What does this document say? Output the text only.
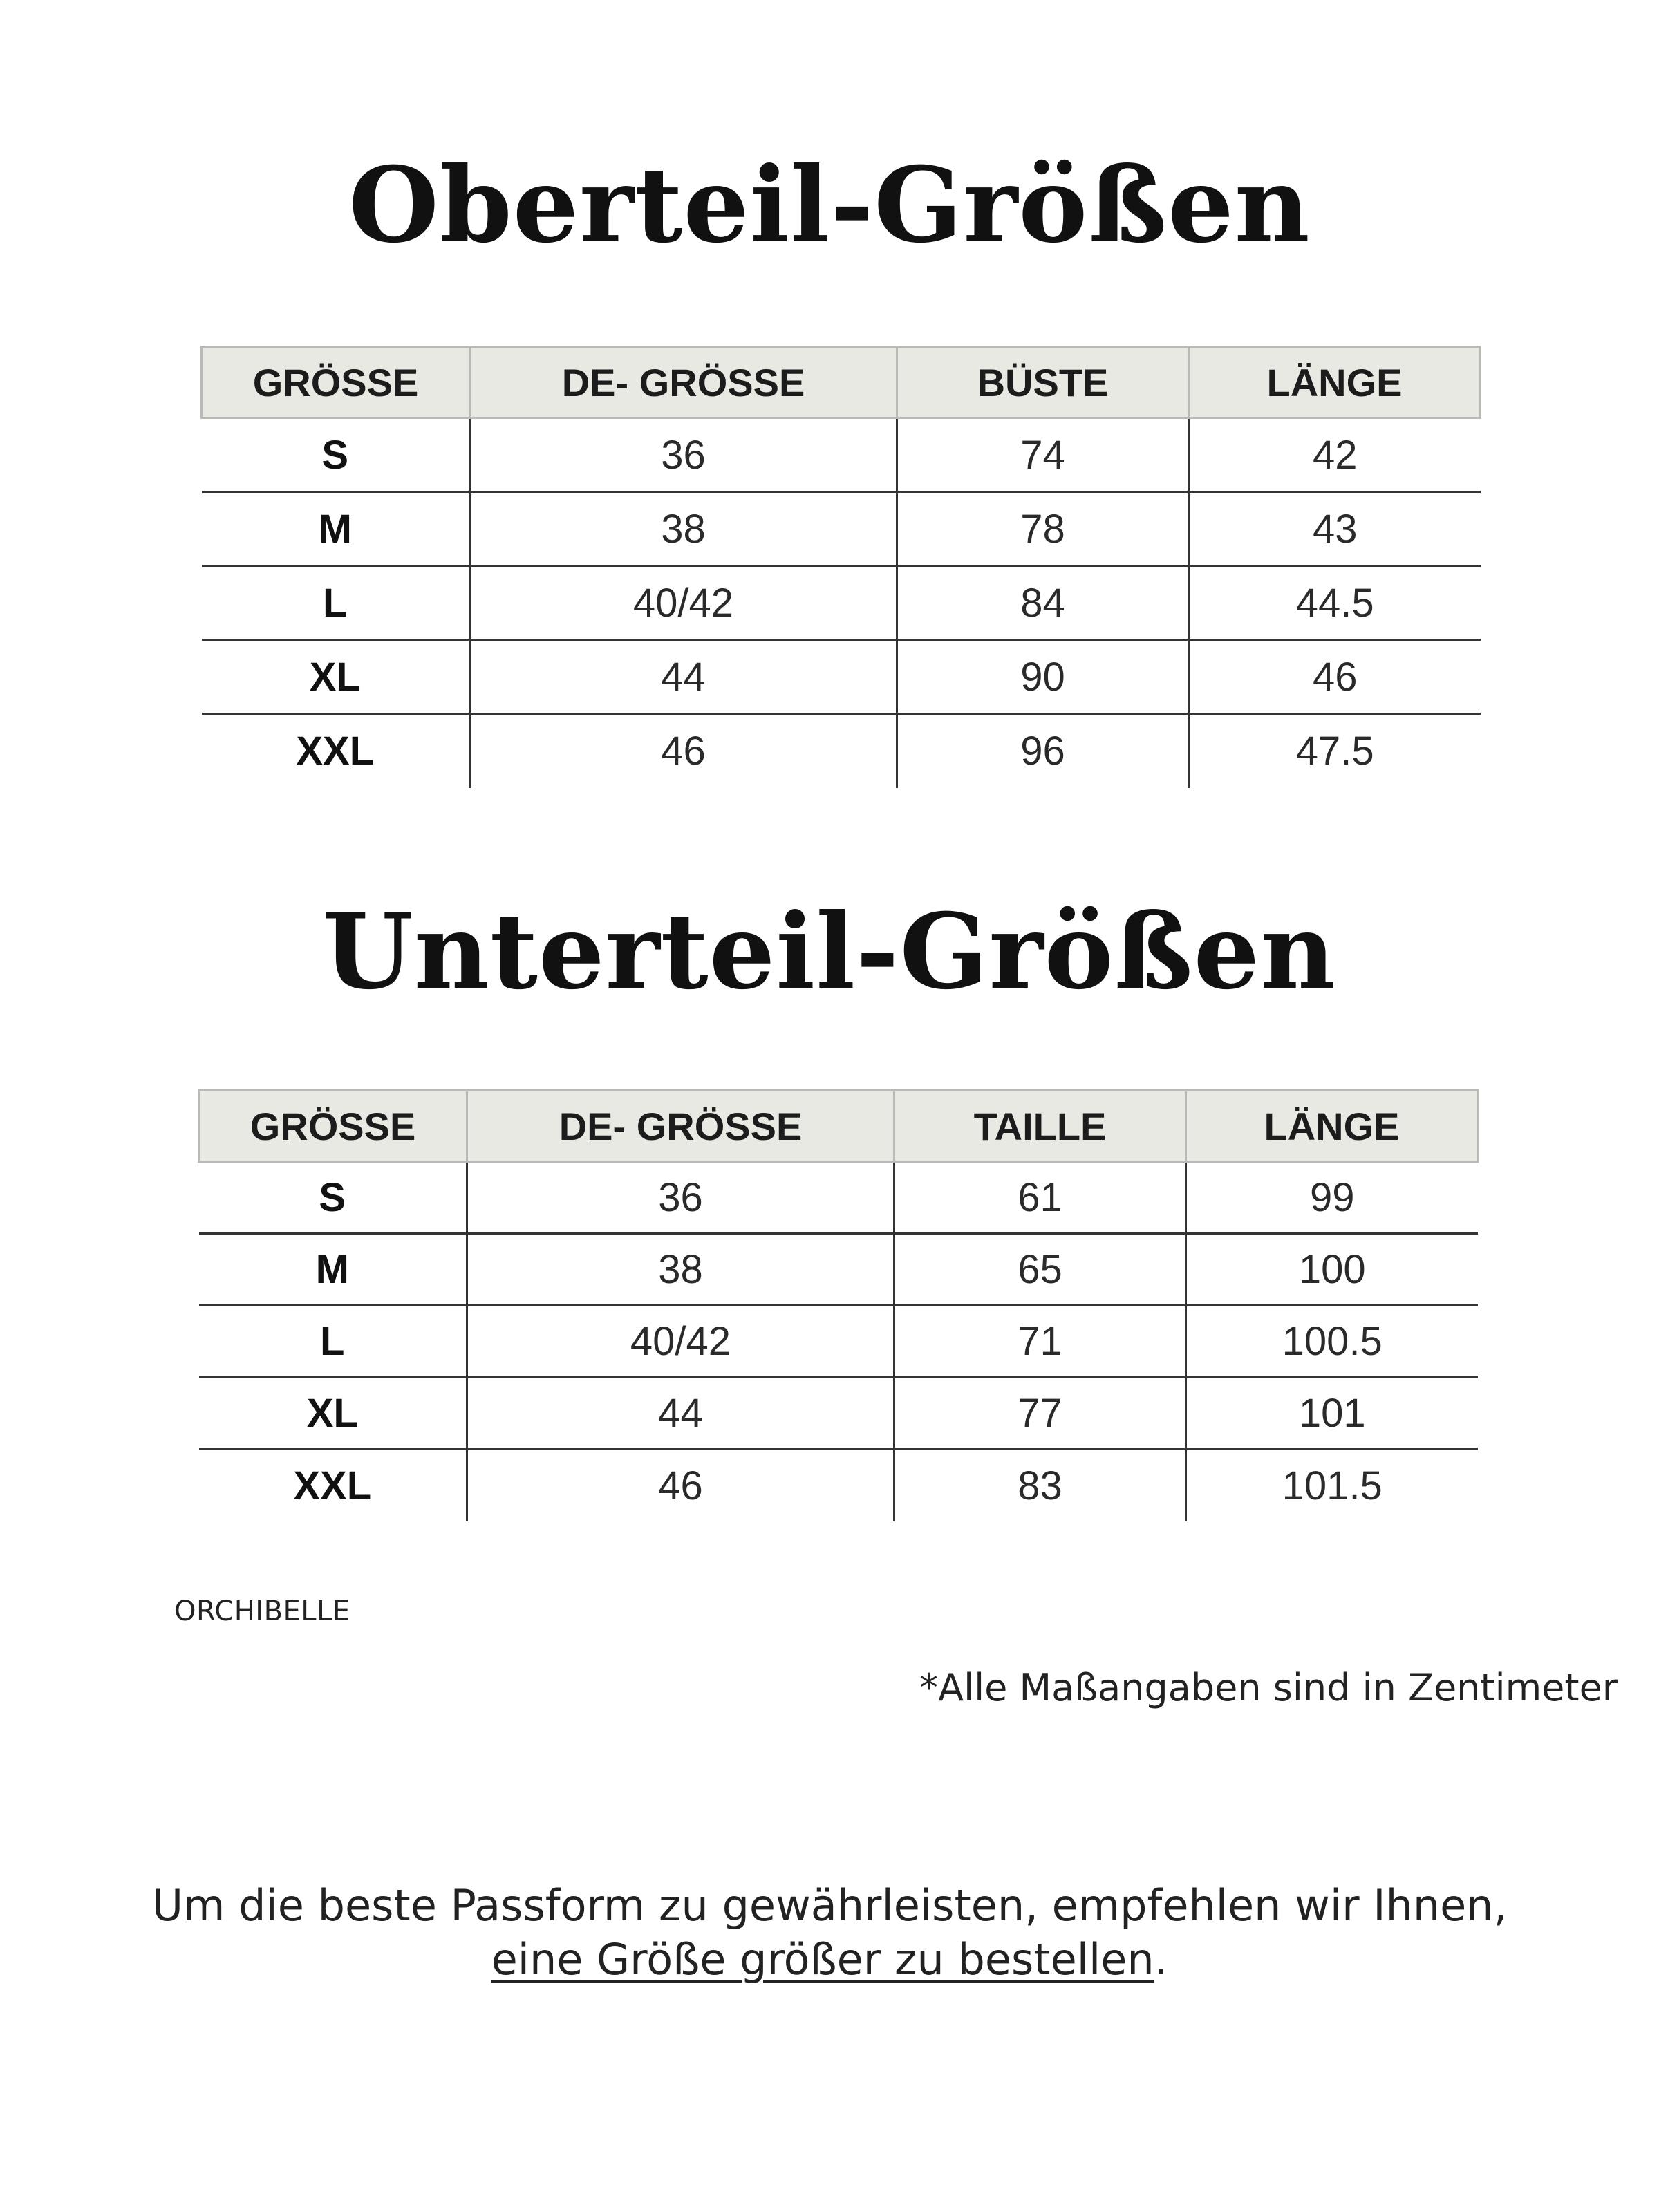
Oberteil-Größen
GRÖSSE	DE- GRÖSSE	BÜSTE	LÄNGE
S	36	74	42
M	38	78	43
L	40/42	84	44.5
XL	44	90	46
XXL	46	96	47.5
Unterteil-Größen
GRÖSSE	DE- GRÖSSE	TAILLE	LÄNGE
S	36	61	99
M	38	65	100
L	40/42	71	100.5
XL	44	77	101
XXL	46	83	101.5
ORCHIBELLE
*Alle Maßangaben sind in Zentimeter
Um die beste Passform zu gewährleisten, empfehlen wir Ihnen,
eine Größe größer zu bestellen.
